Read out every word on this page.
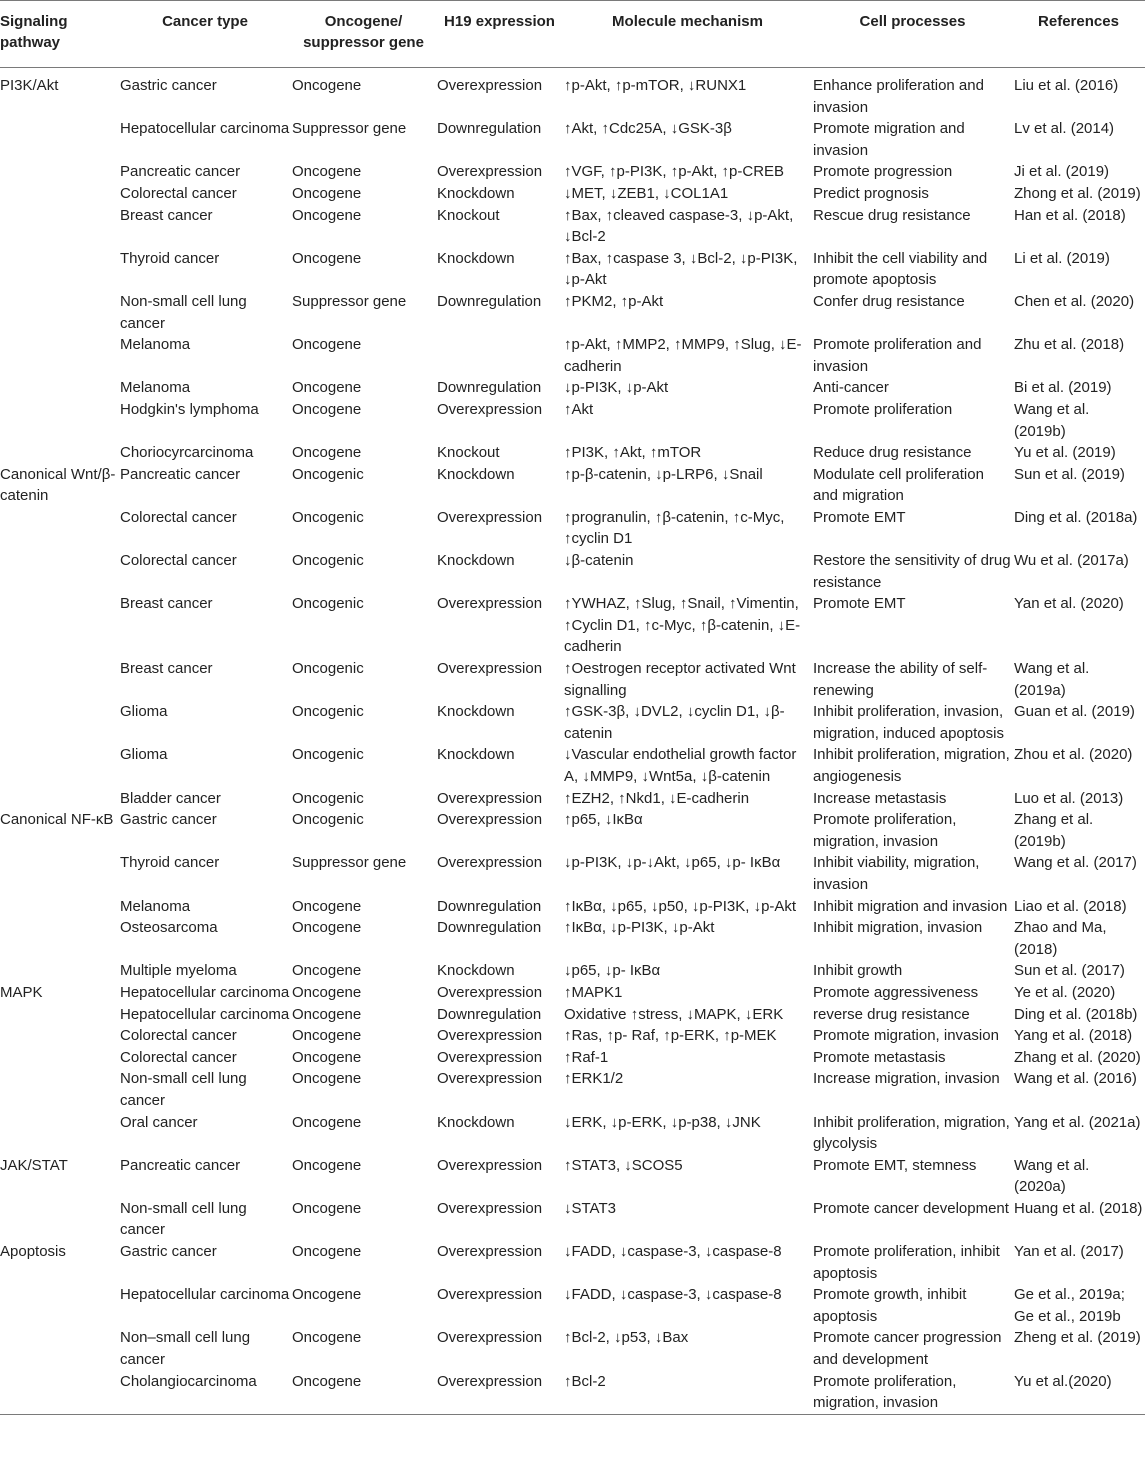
Signaling pathway	Cancer type	Oncogene/ suppressor gene	H19 expression	Molecule mechanism	Cell processes	References
PI3K/Akt	Gastric cancer	Oncogene	Overexpression	↑p-Akt, ↑p-mTOR, ↓RUNX1	Enhance proliferation and invasion	Liu et al. (2016)
	Hepatocellular carcinoma	Suppressor gene	Downregulation	↑Akt, ↑Cdc25A, ↓GSK-3β	Promote migration and invasion	Lv et al. (2014)
	Pancreatic cancer	Oncogene	Overexpression	↑VGF, ↑p-PI3K, ↑p-Akt, ↑p-CREB	Promote progression	Ji et al. (2019)
	Colorectal cancer	Oncogene	Knockdown	↓MET, ↓ZEB1, ↓COL1A1	Predict prognosis	Zhong et al. (2019)
	Breast cancer	Oncogene	Knockout	↑Bax, ↑cleaved caspase-3, ↓p-Akt, ↓Bcl-2	Rescue drug resistance	Han et al. (2018)
	Thyroid cancer	Oncogene	Knockdown	↑Bax, ↑caspase 3, ↓Bcl-2, ↓p-PI3K, ↓p-Akt	Inhibit the cell viability and promote apoptosis	Li et al. (2019)
	Non-small cell lung cancer	Suppressor gene	Downregulation	↑PKM2, ↑p-Akt	Confer drug resistance	Chen et al. (2020)
	Melanoma	Oncogene		↑p-Akt, ↑MMP2, ↑MMP9, ↑Slug, ↓E-cadherin	Promote proliferation and invasion	Zhu et al. (2018)
	Melanoma	Oncogene	Downregulation	↓p-PI3K, ↓p-Akt	Anti-cancer	Bi et al. (2019)
	Hodgkin's lymphoma	Oncogene	Overexpression	↑Akt	Promote proliferation	Wang et al. (2019b)
	Choriocyrcarcinoma	Oncogene	Knockout	↑PI3K, ↑Akt, ↑mTOR	Reduce drug resistance	Yu et al. (2019)
Canonical Wnt/β-catenin	Pancreatic cancer	Oncogenic	Knockdown	↑p-β-catenin, ↓p-LRP6, ↓Snail	Modulate cell proliferation and migration	Sun et al. (2019)
	Colorectal cancer	Oncogenic	Overexpression	↑progranulin, ↑β-catenin, ↑c-Myc, ↑cyclin D1	Promote EMT	Ding et al. (2018a)
	Colorectal cancer	Oncogenic	Knockdown	↓β-catenin	Restore the sensitivity of drug resistance	Wu et al. (2017a)
	Breast cancer	Oncogenic	Overexpression	↑YWHAZ, ↑Slug, ↑Snail, ↑Vimentin, ↑Cyclin D1, ↑c-Myc, ↑β-catenin, ↓E-cadherin	Promote EMT	Yan et al. (2020)
	Breast cancer	Oncogenic	Overexpression	↑Oestrogen receptor activated Wnt signalling	Increase the ability of self-renewing	Wang et al. (2019a)
	Glioma	Oncogenic	Knockdown	↑GSK-3β, ↓DVL2, ↓cyclin D1, ↓β-catenin	Inhibit proliferation, invasion, migration, induced apoptosis	Guan et al. (2019)
	Glioma	Oncogenic	Knockdown	↓Vascular endothelial growth factor A, ↓MMP9, ↓Wnt5a, ↓β-catenin	Inhibit proliferation, migration, angiogenesis	Zhou et al. (2020)
	Bladder cancer	Oncogenic	Overexpression	↑EZH2, ↑Nkd1, ↓E-cadherin	Increase metastasis	Luo et al. (2013)
Canonical NF-κB	Gastric cancer	Oncogenic	Overexpression	↑p65, ↓IκBα	Promote proliferation, migration, invasion	Zhang et al. (2019b)
	Thyroid cancer	Suppressor gene	Overexpression	↓p-PI3K, ↓p-↓Akt, ↓p65, ↓p- IκBα	Inhibit viability, migration, invasion	Wang et al. (2017)
	Melanoma	Oncogene	Downregulation	↑IκBα, ↓p65, ↓p50, ↓p-PI3K, ↓p-Akt	Inhibit migration and invasion	Liao et al. (2018)
	Osteosarcoma	Oncogene	Downregulation	↑IκBα, ↓p-PI3K, ↓p-Akt	Inhibit migration, invasion	Zhao and Ma, (2018)
	Multiple myeloma	Oncogene	Knockdown	↓p65, ↓p- IκBα	Inhibit growth	Sun et al. (2017)
MAPK	Hepatocellular carcinoma	Oncogene	Overexpression	↑MAPK1	Promote aggressiveness	Ye et al. (2020)
	Hepatocellular carcinoma	Oncogene	Downregulation	Oxidative ↑stress, ↓MAPK, ↓ERK	reverse drug resistance	Ding et al. (2018b)
	Colorectal cancer	Oncogene	Overexpression	↑Ras, ↑p- Raf, ↑p-ERK, ↑p-MEK	Promote migration, invasion	Yang et al. (2018)
	Colorectal cancer	Oncogene	Overexpression	↑Raf-1	Promote metastasis	Zhang et al. (2020)
	Non-small cell lung cancer	Oncogene	Overexpression	↑ERK1/2	Increase migration, invasion	Wang et al. (2016)
	Oral cancer	Oncogene	Knockdown	↓ERK, ↓p-ERK, ↓p-p38, ↓JNK	Inhibit proliferation, migration, glycolysis	Yang et al. (2021a)
JAK/STAT	Pancreatic cancer	Oncogene	Overexpression	↑STAT3, ↓SCOS5	Promote EMT, stemness	Wang et al. (2020a)
	Non-small cell lung cancer	Oncogene	Overexpression	↓STAT3	Promote cancer development	Huang et al. (2018)
Apoptosis	Gastric cancer	Oncogene	Overexpression	↓FADD, ↓caspase-3, ↓caspase-8	Promote proliferation, inhibit apoptosis	Yan et al. (2017)
	Hepatocellular carcinoma	Oncogene	Overexpression	↓FADD, ↓caspase-3, ↓caspase-8	Promote growth, inhibit apoptosis	Ge et al., 2019a; Ge et al., 2019b
	Non–small cell lung cancer	Oncogene	Overexpression	↑Bcl-2, ↓p53, ↓Bax	Promote cancer progression and development	Zheng et al. (2019)
	Cholangiocarcinoma	Oncogene	Overexpression	↑Bcl-2	Promote proliferation, migration, invasion	Yu et al.(2020)
